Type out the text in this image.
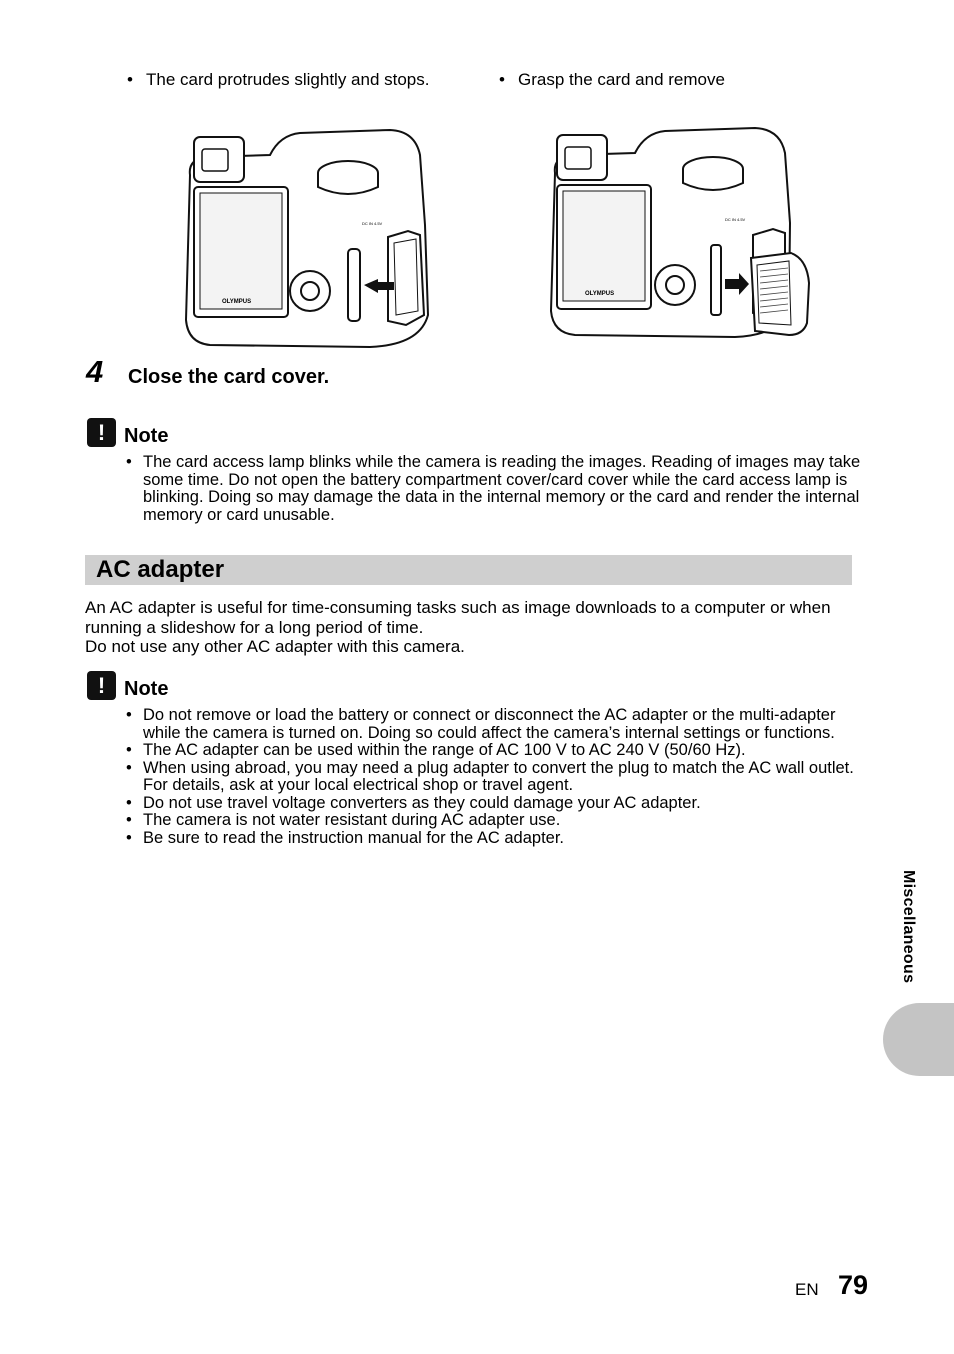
• The card protrudes slightly and stops.
•	Grasp the card and remove
OLYMPUS
DC IN 4.5V
OLYMPUS
DC IN 4.5V
4 Close the card cover.
! Note
• The card access lamp blinks while the camera is reading the images. Reading of images may take some time. Do not open the battery compartment cover/card cover while the card access lamp is blinking. Doing so may damage the data in the internal memory or the card and render the internal memory or card unusable.
AC adapter
An AC adapter is useful for time-consuming tasks such as image downloads to a computer or when running a slideshow for a long period of time.
Do not use any other AC adapter with this camera.
! Note
• Do not remove or load the battery or connect or disconnect the AC adapter or the multi-adapter while the camera is turned on. Doing so could affect the camera’s internal settings or functions.
• The AC adapter can be used within the range of AC 100 V to AC 240 V (50/60 Hz).
• When using abroad, you may need a plug adapter to convert the plug to match the AC wall outlet. For details, ask at your local electrical shop or travel agent.
• Do not use travel voltage converters as they could damage your AC adapter.
• The camera is not water resistant during AC adapter use.
• Be sure to read the instruction manual for the AC adapter.
Miscellaneous
EN 79
